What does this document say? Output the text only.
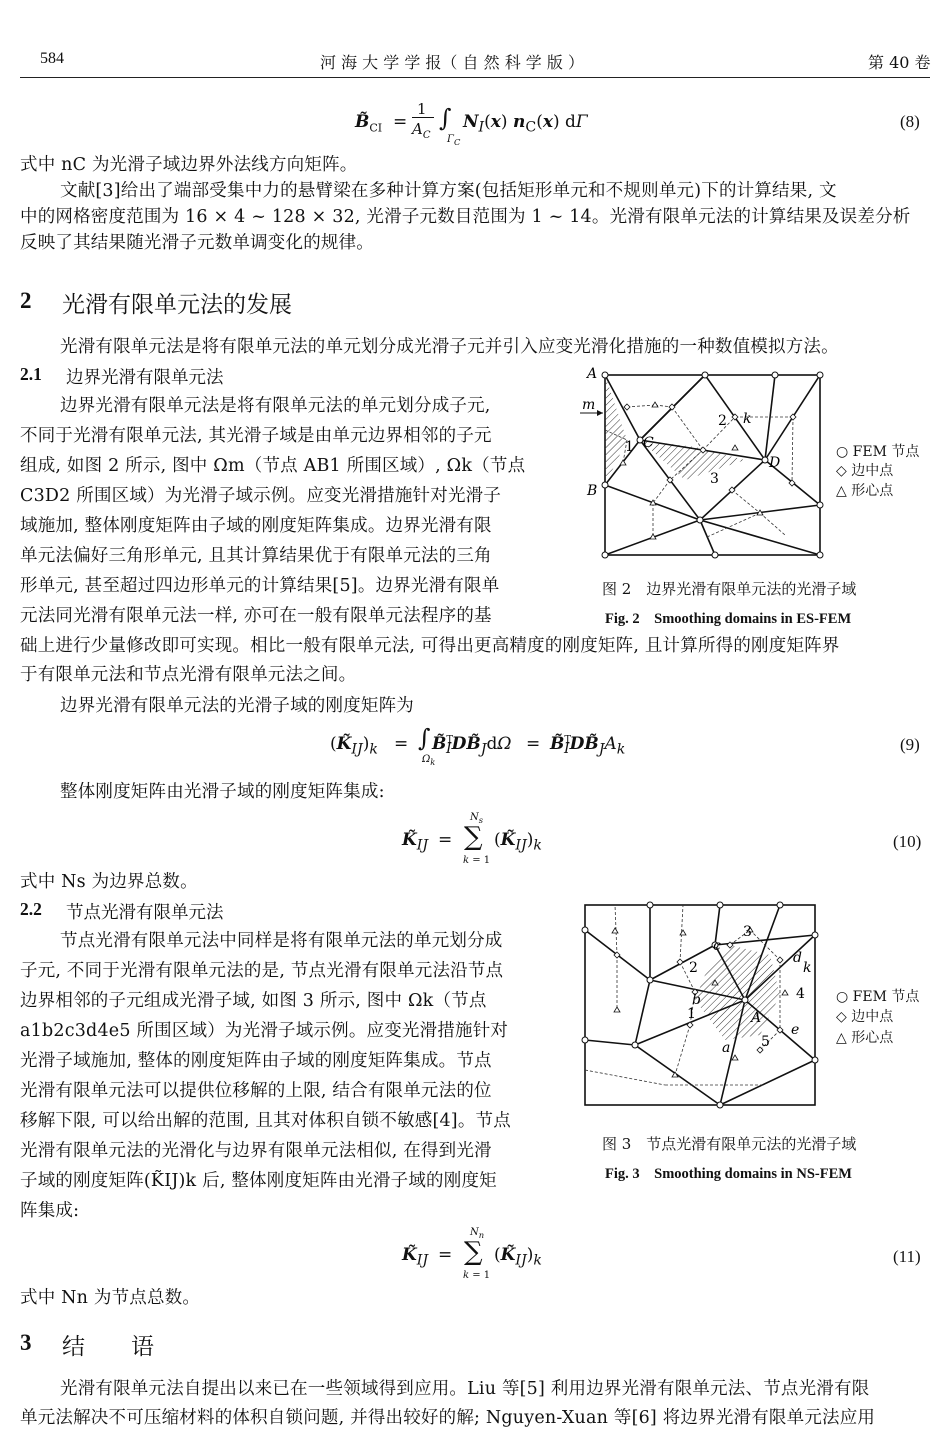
584	河 海 大 学 学 报（ 自 然 科 学 版 ）	第 40 卷
$B̃_{CI}$ =
1
$A_C$
∫
$\Gamma_C$
$N_I(x)$ $n_C(x)$ dΓ	(8)
式中 nC 为光滑子域边界外法线方向矩阵。
文献[3]给出了端部受集中力的悬臂梁在多种计算方案(包括矩形单元和不规则单元)下的计算结果, 文
中的网格密度范围为 16 × 4 ~ 128 × 32, 光滑子元数目范围为 1 ~ 14。光滑有限单元法的计算结果及误差分析
反映了其结果随光滑子元数单调变化的规律。
2 光滑有限单元法的发展
光滑有限单元法是将有限单元法的单元划分成光滑子元并引入应变光滑化措施的一种数值模拟方法。
2.1 边界光滑有限单元法
边界光滑有限单元法是将有限单元法的单元划分成子元,
不同于光滑有限单元法, 其光滑子域是由单元边界相邻的子元
组成, 如图 2 所示, 图中 Ωm（节点 AB1 所围区域）, Ωk（节点
C3D2 所围区域）为光滑子域示例。应变光滑措施针对光滑子
域施加, 整体刚度矩阵由子域的刚度矩阵集成。边界光滑有限
单元法偏好三角形单元, 且其计算结果优于有限单元法的三角
形单元, 甚至超过四边形单元的计算结果[5]。边界光滑有限单
元法同光滑有限单元法一样, 亦可在一般有限单元法程序的基
础上进行少量修改即可实现。相比一般有限单元法, 可得出更高精度的刚度矩阵, 且计算所得的刚度矩阵界
于有限单元法和节点光滑有限单元法之间。
边界光滑有限单元法的光滑子域的刚度矩阵为
A
B
C
D
m
k
1
2
3
○ FEM 节点
◇ 边中点
△ 形心点
图 2　边界光滑有限单元法的光滑子域
Fig. 2　Smoothing domains in ES-FEM
$(K̃_{IJ})_k$ = ∫
$\Omega_k$
$B̃^T_IDB̃_Jd\Omega$ = $B̃^T_IDB̃_JA_k$	(9)
整体刚度矩阵由光滑子域的刚度矩阵集成:
$K̃_{IJ}$ =
$N_s$
∑
k = 1
$(K̃_{IJ})_k$	(10)
式中 Ns 为边界总数。
2.2 节点光滑有限单元法
节点光滑有限单元法中同样是将有限单元法的单元划分成
子元, 不同于光滑有限单元法的是, 节点光滑有限单元法沿节点
边界相邻的子元组成光滑子域, 如图 3 所示, 图中 Ωk（节点
a1b2c3d4e5 所围区域）为光滑子域示例。应变光滑措施针对
光滑子域施加, 整体的刚度矩阵由子域的刚度矩阵集成。节点
光滑有限单元法可以提供位移解的上限, 结合有限单元法的位
移解下限, 可以给出解的范围, 且其对体积自锁不敏感[4]。节点
光滑有限单元法的光滑化与边界有限单元法相似, 在得到光滑
子域的刚度矩阵(K̃IJ)k 后, 整体刚度矩阵由光滑子域的刚度矩
阵集成:
3
c
2
d
k
4
b
1	A
e
a 5
○ FEM 节点
◇ 边中点
△ 形心点
图 3　节点光滑有限单元法的光滑子域
Fig. 3　Smoothing domains in NS-FEM
$K̃_{IJ}$ =
$N_n$
∑
k = 1
$(K̃_{IJ})_k$	(11)
式中 Nn 为节点总数。
3 结　　语
光滑有限单元法自提出以来已在一些领域得到应用。Liu 等[5] 利用边界光滑有限单元法、节点光滑有限
单元法解决不可压缩材料的体积自锁问题, 并得出较好的解; Nguyen-Xuan 等[6] 将边界光滑有限单元法应用
